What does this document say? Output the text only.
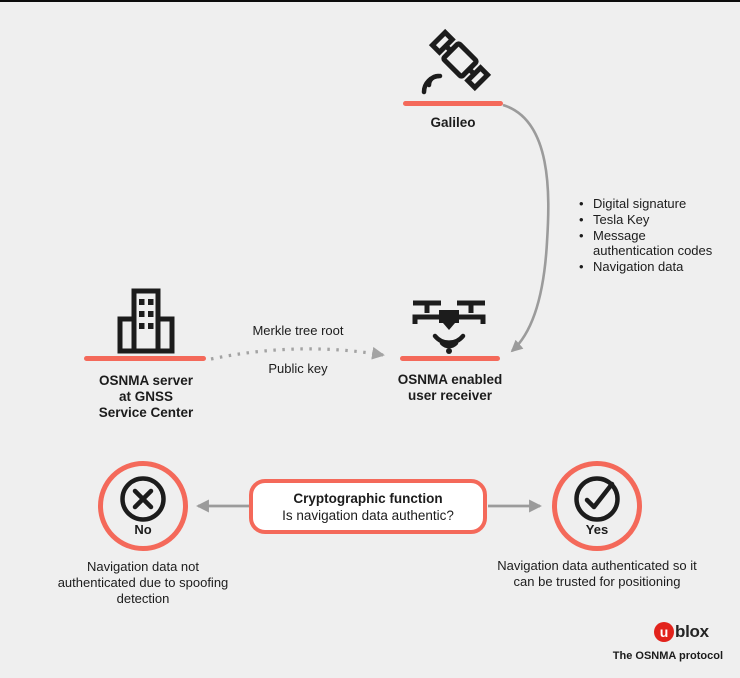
Galileo
• Digital signature
• Tesla Key
• Message authentication codes
• Navigation data
OSNMA server
at GNSS
Service Center
Merkle tree root
Public key
OSNMA enabled
user receiver
Cryptographic function
Is navigation data authentic?
No
Navigation data not authenticated due to spoofing detection
Yes
Navigation data authenticated so it can be trusted for positioning
u blox
The OSNMA protocol
